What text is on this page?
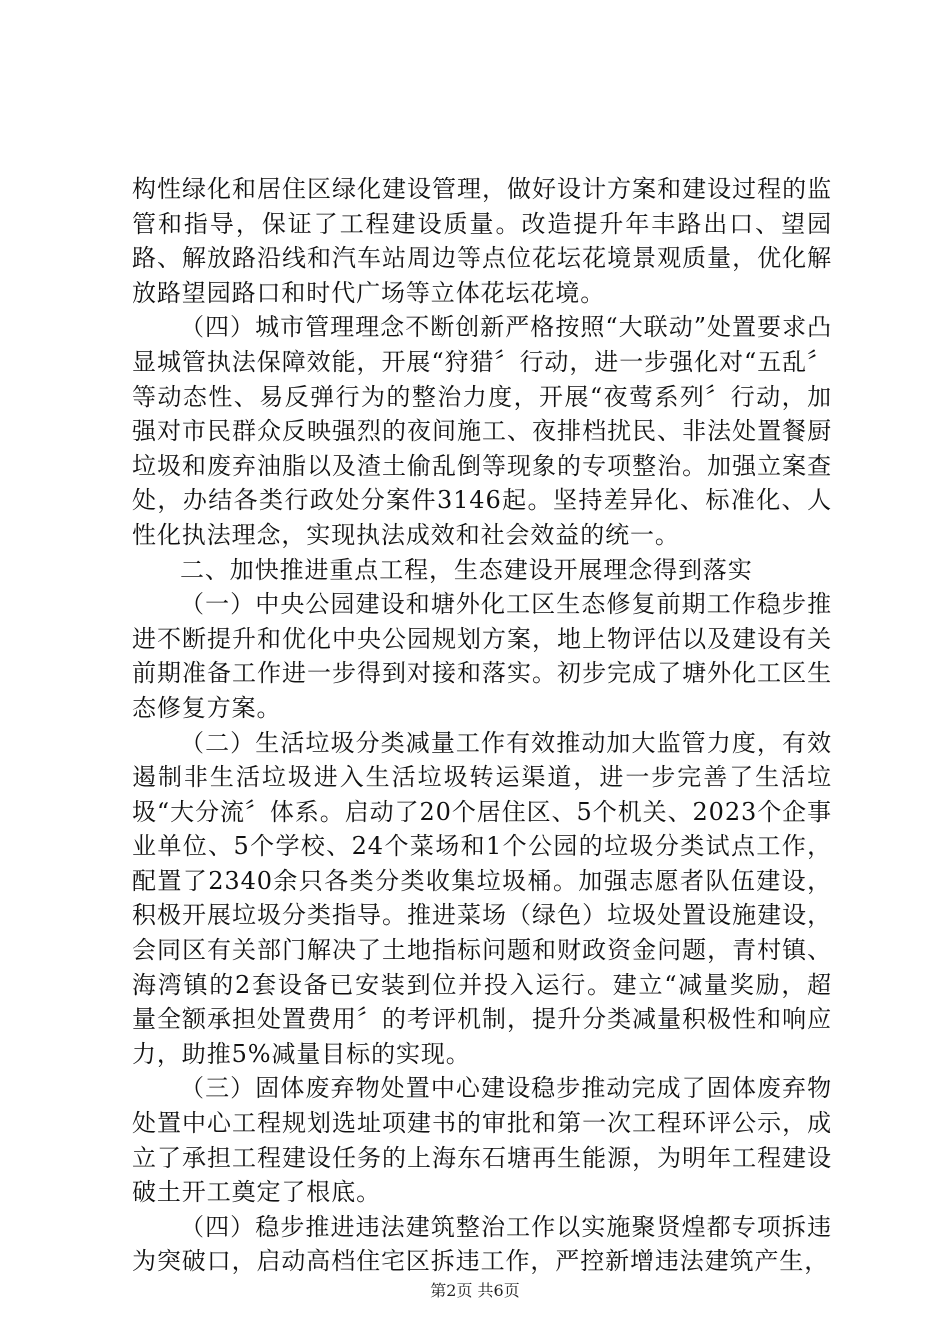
构性绿化和居住区绿化建设管理，做好设计方案和建设过程的监管和指导，保证了工程建设质量。改造提升年丰路出口、望园路、解放路沿线和汽车站周边等点位花坛花境景观质量，优化解放路望园路口和时代广场等立体花坛花境。

（四）城市管理理念不断创新严格按照“大联动”处置要求凸显城管执法保障效能，开展“狩猎〞行动，进一步强化对“五乱〞等动态性、易反弹行为的整治力度，开展“夜莺系列〞行动，加强对市民群众反映强烈的夜间施工、夜排档扰民、非法处置餐厨垃圾和废弃油脂以及渣土偷乱倒等现象的专项整治。加强立案查处，办结各类行政处分案件3146起。坚持差异化、标准化、人性化执法理念，实现执法成效和社会效益的统一。

二、加快推进重点工程，生态建设开展理念得到落实

（一）中央公园建设和塘外化工区生态修复前期工作稳步推进不断提升和优化中央公园规划方案，地上物评估以及建设有关前期准备工作进一步得到对接和落实。初步完成了塘外化工区生态修复方案。

（二）生活垃圾分类减量工作有效推动加大监管力度，有效遏制非生活垃圾进入生活垃圾转运渠道，进一步完善了生活垃圾“大分流〞体系。启动了20个居住区、5个机关、2023个企事业单位、5个学校、24个菜场和1个公园的垃圾分类试点工作，配置了2340余只各类分类收集垃圾桶。加强志愿者队伍建设，积极开展垃圾分类指导。推进菜场（绿色）垃圾处置设施建设，会同区有关部门解决了土地指标问题和财政资金问题，青村镇、海湾镇的2套设备已安装到位并投入运行。建立“减量奖励，超量全额承担处置费用〞的考评机制，提升分类减量积极性和响应力，助推5%减量目标的实现。

（三）固体废弃物处置中心建设稳步推动完成了固体废弃物处置中心工程规划选址项建书的审批和第一次工程环评公示，成立了承担工程建设任务的上海东石塘再生能源，为明年工程建设破土开工奠定了根底。

（四）稳步推进违法建筑整治工作以实施聚贤煌都专项拆违为突破口，启动高档住宅区拆违工作，严控新增违法建筑产生，

第2页 共6页
